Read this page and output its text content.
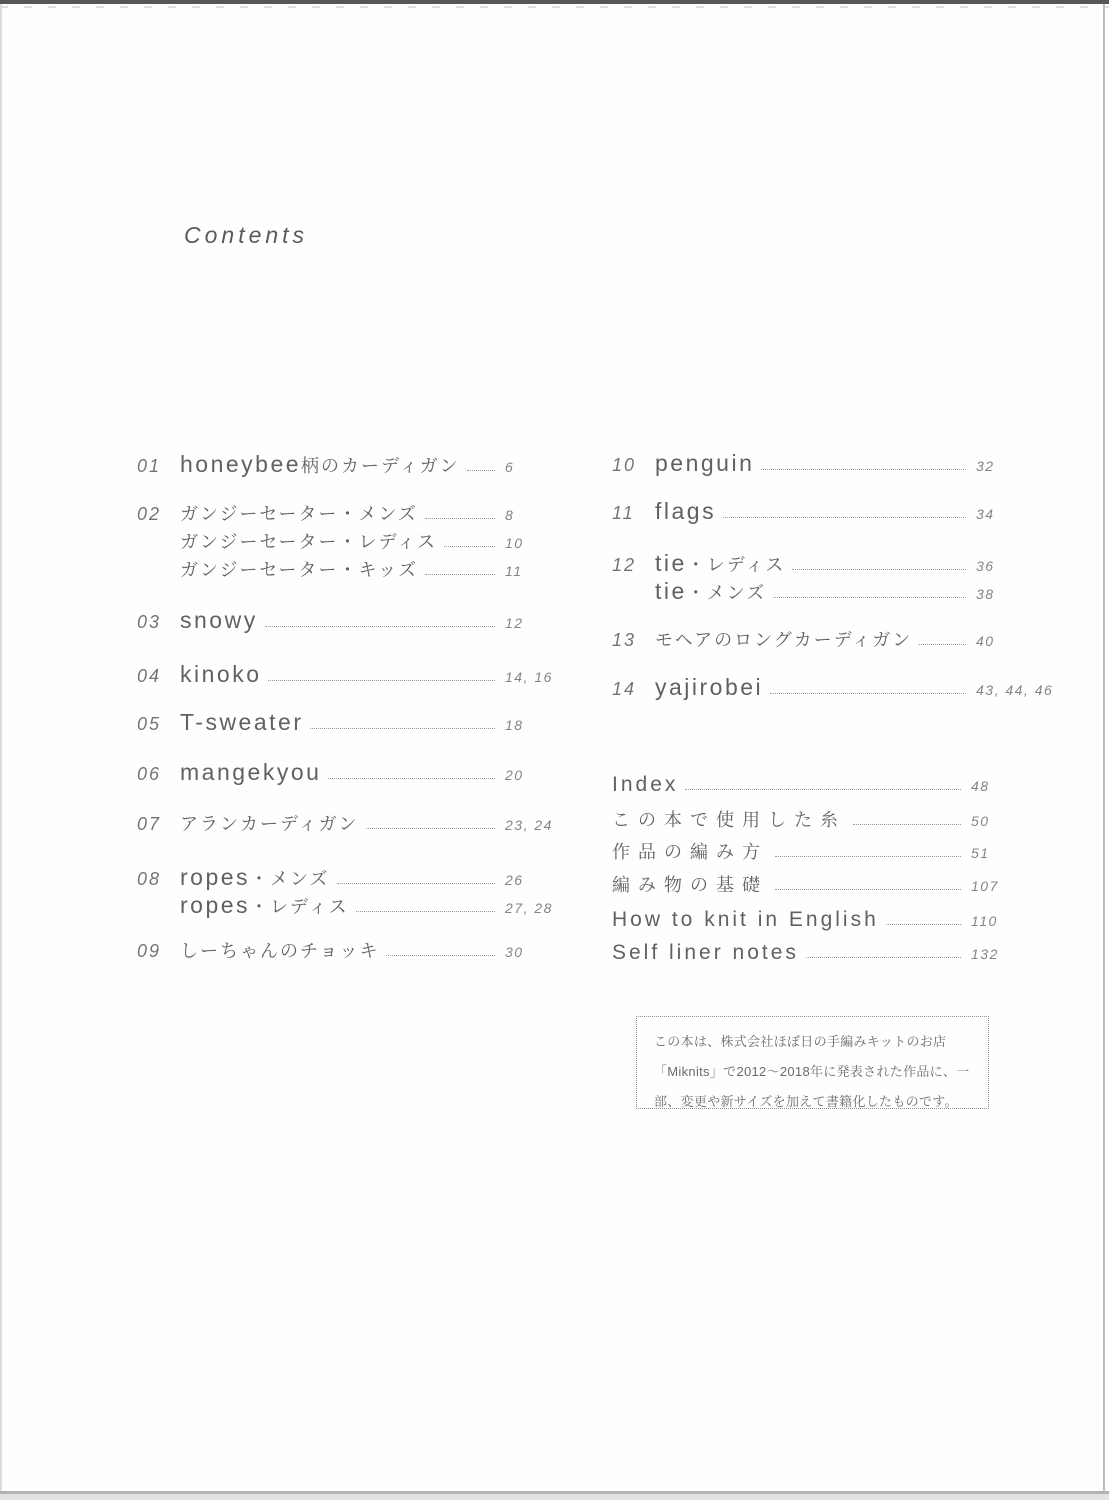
Contents
01 honeybee 柄のカーディガン	6
02	ガンジーセーター・メンズ	8
ガンジーセーター・レディス	10
ガンジーセーター・キッズ	11
03 snowy	12
04 kinoko	14, 16
05 T-sweater	18
06 mangekyou	20
07	アランカーディガン	23, 24
08 ropes ・メンズ	26
ropes ・レディス	27, 28
09	しーちゃんのチョッキ	30
10 penguin	32
11 flags	34
12 tie ・レディス	36
tie ・メンズ	38
13	モヘアのロングカーディガン	40
14 yajirobei	43, 44, 46
Index	48
この本で使用した糸	50
作品の編み方	51
編み物の基礎	107
How to knit in English	110
Self liner notes	132
この本は、株式会社ほぼ日の手編みキットのお店
「Miknits」で2012〜2018年に発表された作品に、一
部、変更や新サイズを加えて書籍化したものです。
